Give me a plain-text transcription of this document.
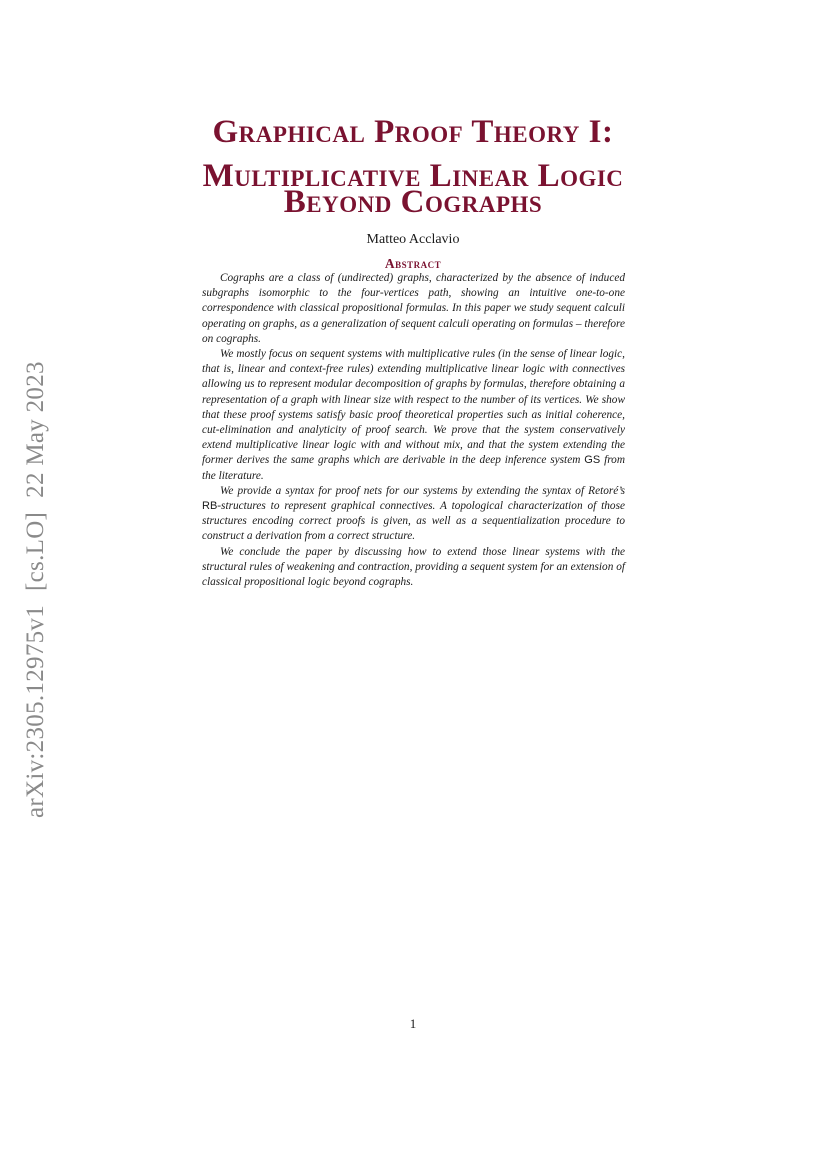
Graphical Proof Theory I:
Multiplicative Linear Logic
Beyond Cographs
Matteo Acclavio
Abstract

Cographs are a class of (undirected) graphs, characterized by the absence of induced subgraphs isomorphic to the four-vertices path, showing an intuitive one-to-one correspondence with classical propositional formulas. In this paper we study sequent calculi operating on graphs, as a generalization of sequent calculi operating on formulas – therefore on cographs.

We mostly focus on sequent systems with multiplicative rules (in the sense of linear logic, that is, linear and context-free rules) extending multiplicative linear logic with connectives allowing us to represent modular decomposition of graphs by formulas, therefore obtaining a representation of a graph with linear size with respect to the number of its vertices. We show that these proof systems satisfy basic proof theoretical properties such as initial coherence, cut-elimination and analyticity of proof search. We prove that the system conservatively extend multiplicative linear logic with and without mix, and that the system extending the former derives the same graphs which are derivable in the deep inference system GS from the literature.

We provide a syntax for proof nets for our systems by extending the syntax of Retoré’s RB-structures to represent graphical connectives. A topological characterization of those structures encoding correct proofs is given, as well as a sequentialization procedure to construct a derivation from a correct structure.

We conclude the paper by discussing how to extend those linear systems with the structural rules of weakening and contraction, providing a sequent system for an extension of classical propositional logic beyond cographs.

arXiv:2305.12975v1[cs.LO]22 May 2023
1
